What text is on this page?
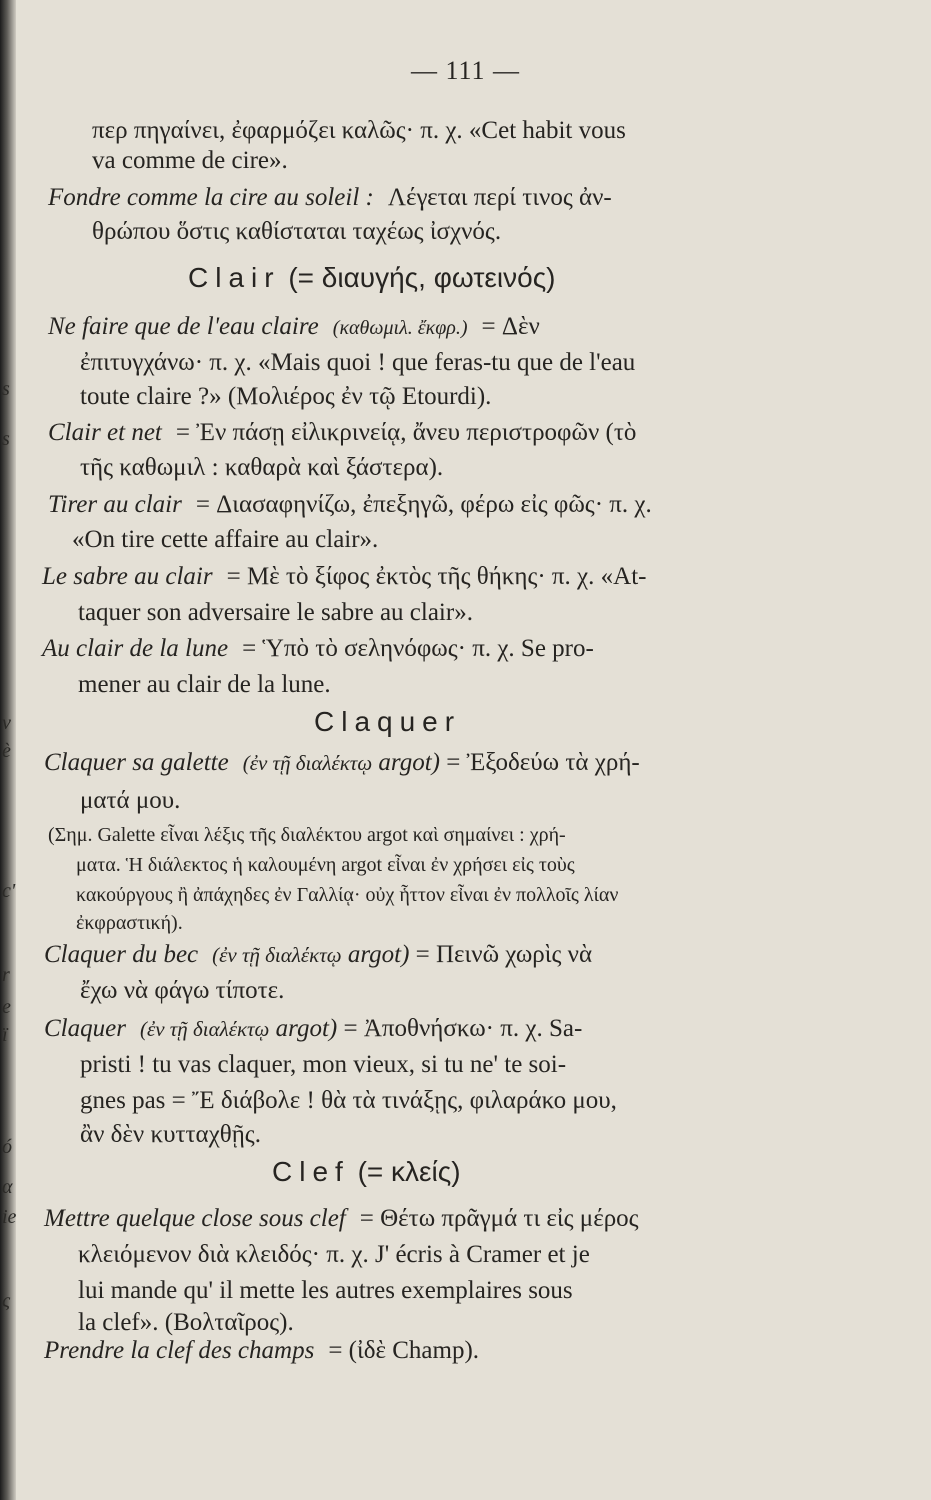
s
s
v
è
c'
r
e
ï
ó
α
ie
ς
— 111 —
περ πηγαίνει, ἐφαρμόζει καλῶς· π. χ. «Cet habit vous
va comme de cire».
Fondre comme la cire au soleil : Λέγεται περί τινος ἀν-
θρώπου ὅστις καθίσταται ταχέως ἰσχνός.
Clair (= διαυγής, φωτεινός)
Ne faire que de l'eau claire (καθωμιλ. ἔκφρ.) = Δὲν
ἐπιτυγχάνω· π. χ. «Mais quoi ! que feras-tu que de l'eau
toute claire ?» (Μολιέρος ἐν τῷ Etourdi).
Clair et net = Ἐν πάσῃ εἰλικρινείᾳ, ἄνευ περιστροφῶν (τὸ
τῆς καθωμιλ : καθαρὰ καὶ ξάστερα).
Tirer au clair = Διασαφηνίζω, ἐπεξηγῶ, φέρω εἰς φῶς· π. χ.
«On tire cette affaire au clair».
Le sabre au clair = Μὲ τὸ ξίφος ἐκτὸς τῆς θήκης· π. χ. «At-
taquer son adversaire le sabre au clair».
Au clair de la lune = Ὑπὸ τὸ σεληνόφως· π. χ. Se pro-
mener au clair de la lune.
Claquer
Claquer sa galette (ἐν τῇ διαλέκτῳ argot) = Ἐξοδεύω τὰ χρή-
ματά μου.
(Σημ. Galette εἶναι λέξις τῆς διαλέκτου argot καὶ σημαίνει : χρή-
ματα. Ἡ διάλεκτος ἡ καλουμένη argot εἶναι ἐν χρήσει εἰς τοὺς
κακούργους ἢ ἀπάχηδες ἐν Γαλλίᾳ· οὐχ ἧττον εἶναι ἐν πολλοῖς λίαν
ἐκφραστική).
Claquer du bec (ἐν τῇ διαλέκτῳ argot) = Πεινῶ χωρὶς νὰ
ἔχω νὰ φάγω τίποτε.
Claquer (ἐν τῇ διαλέκτῳ argot) = Ἀποθνήσκω· π. χ. Sa-
pristi ! tu vas claquer, mon vieux, si tu ne' te soi-
gnes pas = Ἔ διάβολε ! θὰ τὰ τινάξῃς, φιλαράκο μου,
ἂν δὲν κυτταχθῇς.
Clef (= κλείς)
Mettre quelque close sous clef = Θέτω πρᾶγμά τι εἰς μέρος
κλειόμενον διὰ κλειδός· π. χ. J' écris à Cramer et je
lui mande qu' il mette les autres exemplaires sous
la clef». (Βολταῖρος).
Prendre la clef des champs = (ἰδὲ Champ).
